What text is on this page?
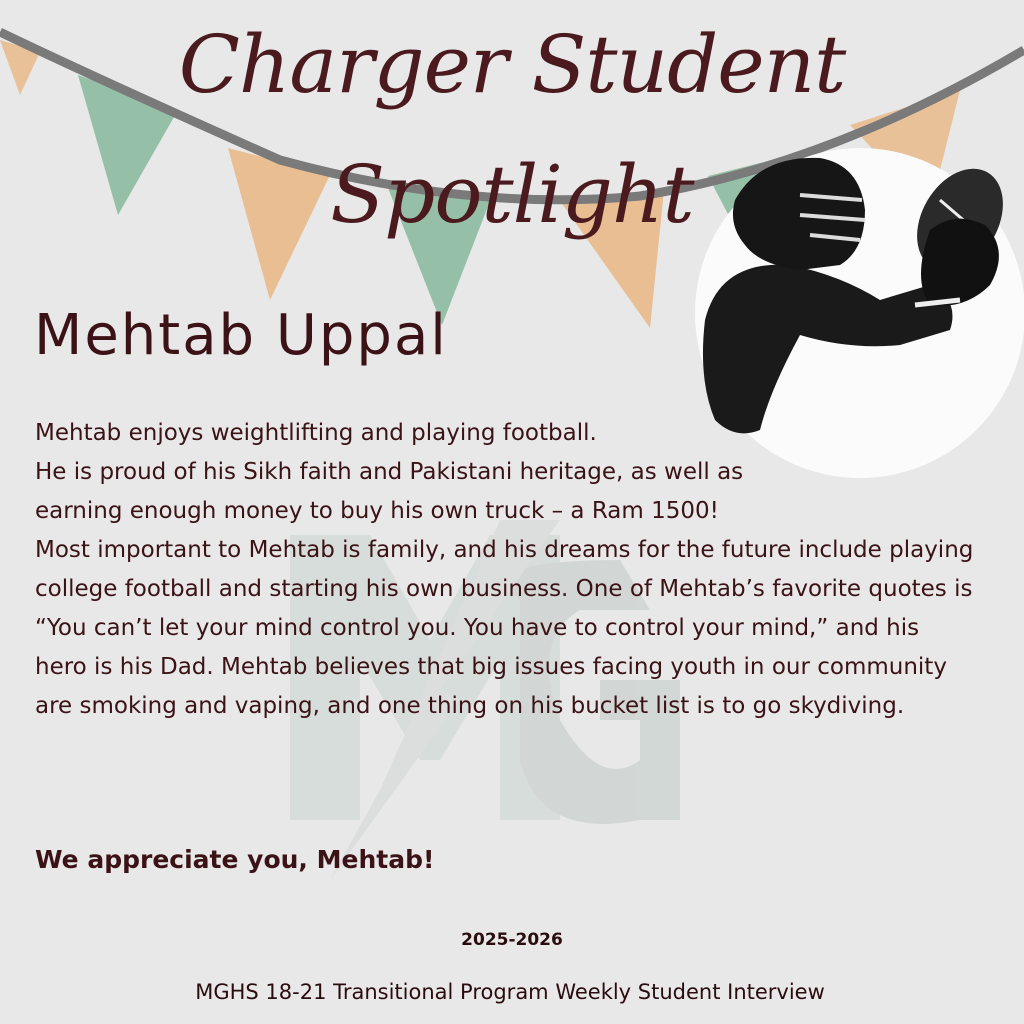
Charger Student Spotlight
Mehtab Uppal

Mehtab enjoys weightlifting and playing football.

He is proud of his Sikh faith and Pakistani heritage, as well as earning enough money to buy his own truck – a Ram 1500!

Most important to Mehtab is family, and his dreams for the future include playing college football and starting his own business. One of Mehtab’s favorite quotes is “You can’t let your mind control you. You have to control your mind,” and his hero is his Dad. Mehtab believes that big issues facing youth in our community are smoking and vaping, and one thing on his bucket list is to go skydiving.

We appreciate you, Mehtab!
2025-2026
MGHS 18-21 Transitional Program Weekly Student Interview
